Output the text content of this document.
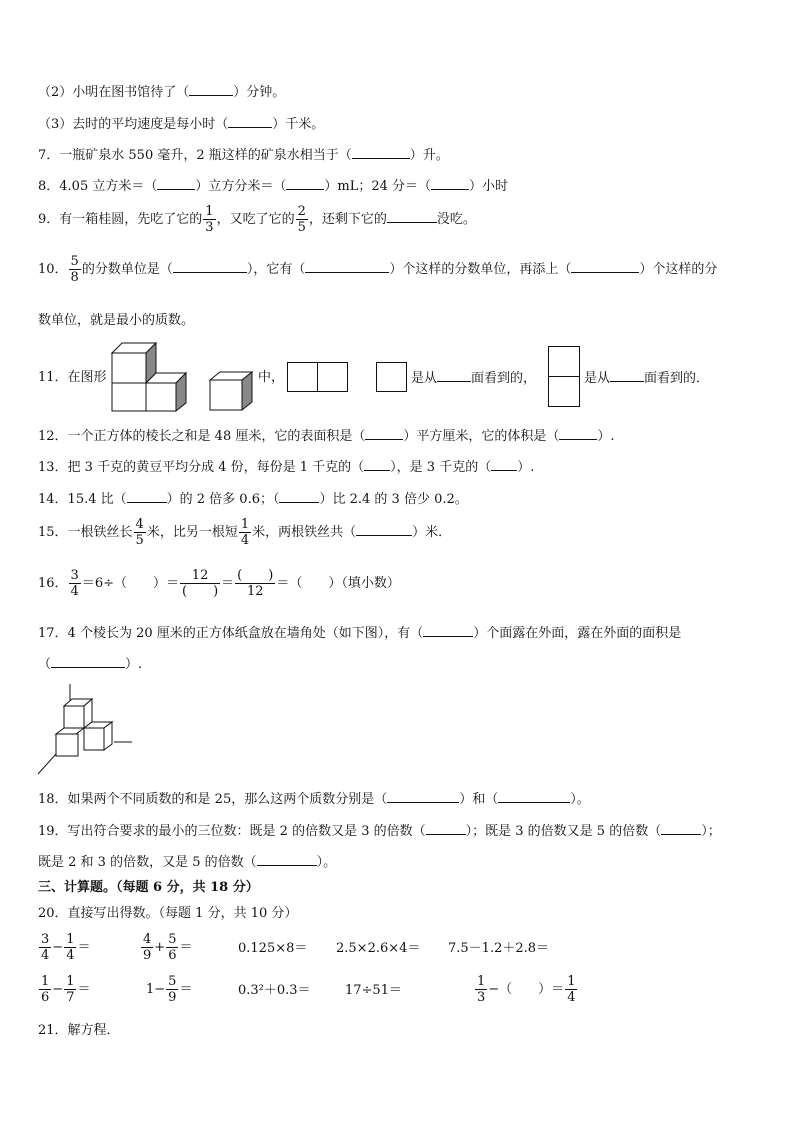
（2）小明在图书馆待了（	）分钟。
（3）去时的平均速度是每小时（	）千米。
7．一瓶矿泉水 550 毫升，2 瓶这样的矿泉水相当于（	）升。
8．4.05 立方米＝（	）立方分米＝（	）mL；24 分＝（	）小时
9．有一箱桂圆，先吃了它的 $\frac{1}{3}$ ，又吃了它的 $\frac{2}{5}$ ，还剩下它的	没吃。
10． $\frac{5}{8}$ 的分数单位是（	），它有（	）个这样的分数单位，再添上（	）个这样的分
数单位，就是最小的质数。
11．在图形	中，	是从	面看到的，	是从	面看到的．
12．一个正方体的棱长之和是 48 厘米，它的表面积是（	）平方厘米，它的体积是（	）.
13．把 3 千克的黄豆平均分成 4 份，每份是 1 千克的（ ），是 3 千克的（ ）.
14．15.4 比（	）的 2 倍多 0.6；（	）比 2.4 的 3 倍少 0.2。
15．一根铁丝长 $\frac{4}{5}$ 米，比另一根短 $\frac{1}{4}$ 米，两根铁丝共（	）米．
16． $\frac{3}{4} =6\div$（　　）＝
12
(　　)
＝
(　　)
12
＝（　　）（填小数）
17．4 个棱长为 20 厘米的正方体纸盒放在墙角处（如下图），有（	）个面露在外面，露在外面的面积是
（	）.
18．如果两个不同质数的和是 25，那么这两个质数分别是（	）和（	）。
19．写出符合要求的最小的三位数：既是 2 的倍数又是 3 的倍数（	）；既是 3 的倍数又是 5 的倍数（	）；
既是 2 和 3 的倍数，又是 5 的倍数（	）。
三、计算题。（每题 6 分，共 18 分）
20．直接写出得数。（每题 1 分，共 10 分）
$\frac{3}{4} - \frac{1}{4}$ ＝	$\frac{4}{9} + \frac{5}{6}$ ＝	0.125×8＝ 2.5×2.6×4＝ 7.5－1.2＋2.8＝
$\frac{1}{6} - \frac{1}{7}$ ＝	$1- \frac{5}{9}$ ＝	0.3²＋0.3＝	17÷51＝	$\frac{1}{3}$ −（　　）＝ $\frac{1}{4}$
21．解方程．
